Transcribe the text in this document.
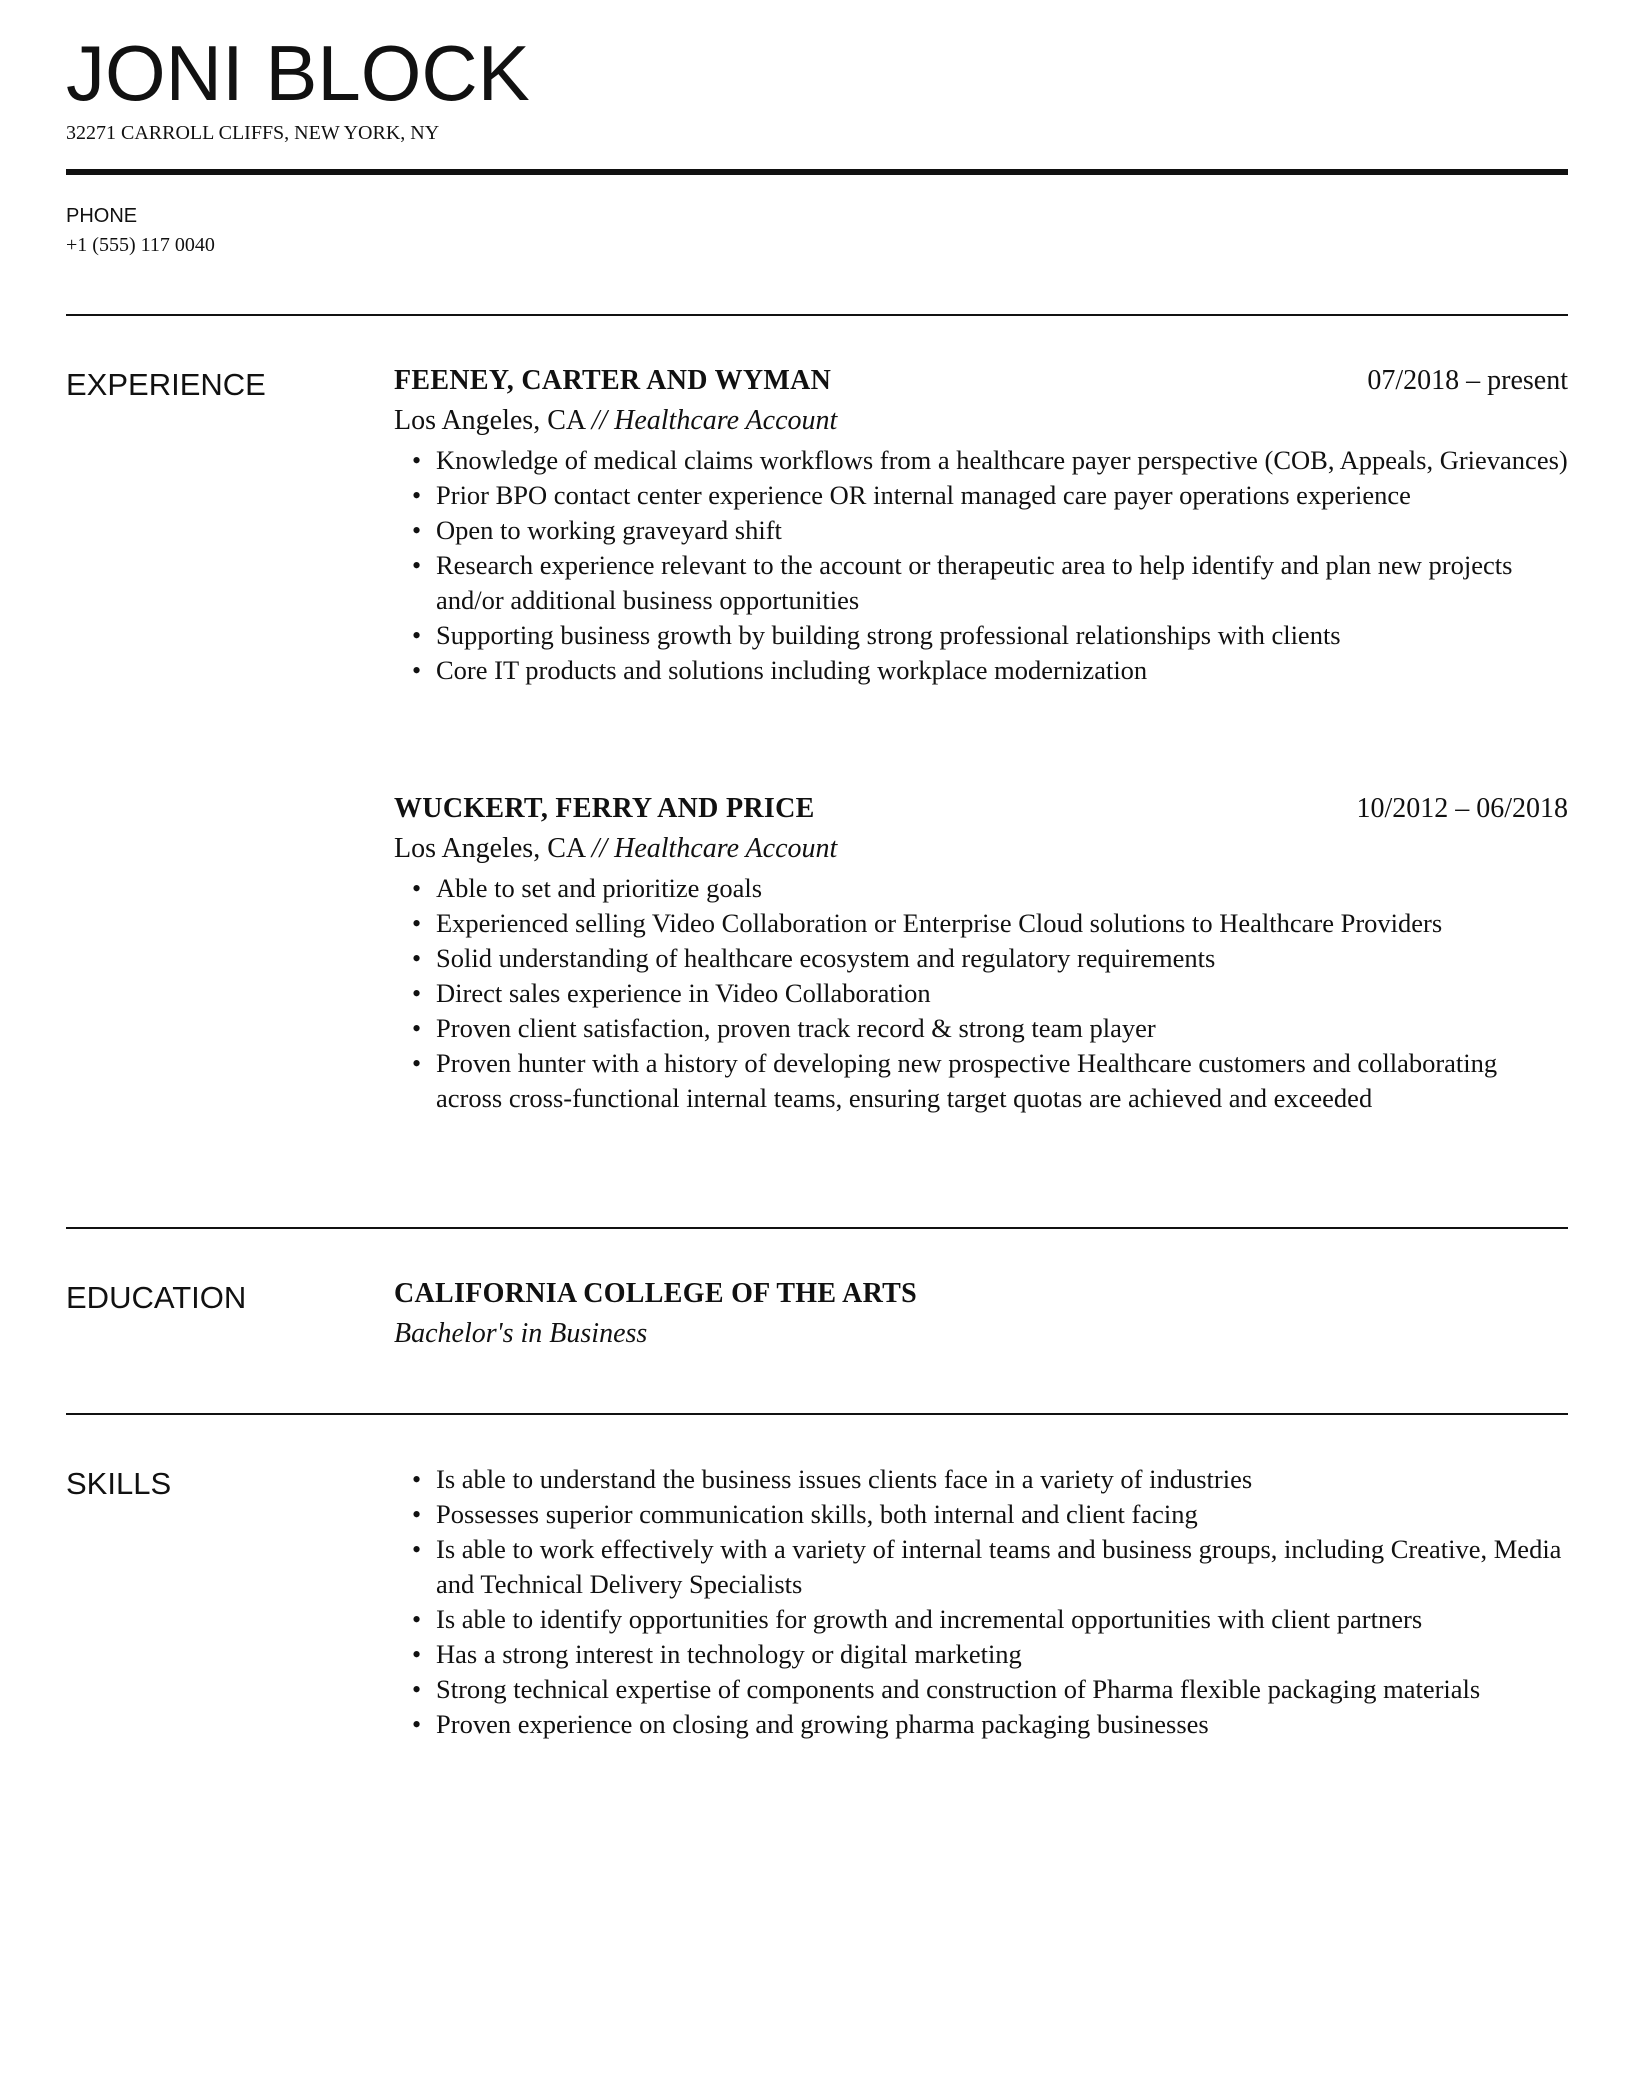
JONI BLOCK
32271 CARROLL CLIFFS, NEW YORK, NY
PHONE
+1 (555) 117 0040
EXPERIENCE	FEENEY, CARTER AND WYMAN	07/2018 – present
Los Angeles, CA // Healthcare Account
• Knowledge of medical claims workflows from a healthcare payer perspective (COB, Appeals, Grievances)
• Prior BPO contact center experience OR internal managed care payer operations experience
• Open to working graveyard shift
• Research experience relevant to the account or therapeutic area to help identify and plan new projects and/or additional business opportunities
• Supporting business growth by building strong professional relationships with clients
• Core IT products and solutions including workplace modernization
WUCKERT, FERRY AND PRICE	10/2012 – 06/2018
Los Angeles, CA // Healthcare Account
• Able to set and prioritize goals
• Experienced selling Video Collaboration or Enterprise Cloud solutions to Healthcare Providers
• Solid understanding of healthcare ecosystem and regulatory requirements
• Direct sales experience in Video Collaboration
• Proven client satisfaction, proven track record & strong team player
• Proven hunter with a history of developing new prospective Healthcare customers and collaborating across cross-functional internal teams, ensuring target quotas are achieved and exceeded
EDUCATION	CALIFORNIA COLLEGE OF THE ARTS
Bachelor's in Business
SKILLS
•	Is able to understand the business issues clients face in a variety of industries
• Possesses superior communication skills, both internal and client facing
• Is able to work effectively with a variety of internal teams and business groups, including Creative, Media and Technical Delivery Specialists
• Is able to identify opportunities for growth and incremental opportunities with client partners
• Has a strong interest in technology or digital marketing
• Strong technical expertise of components and construction of Pharma flexible packaging materials
• Proven experience on closing and growing pharma packaging businesses
